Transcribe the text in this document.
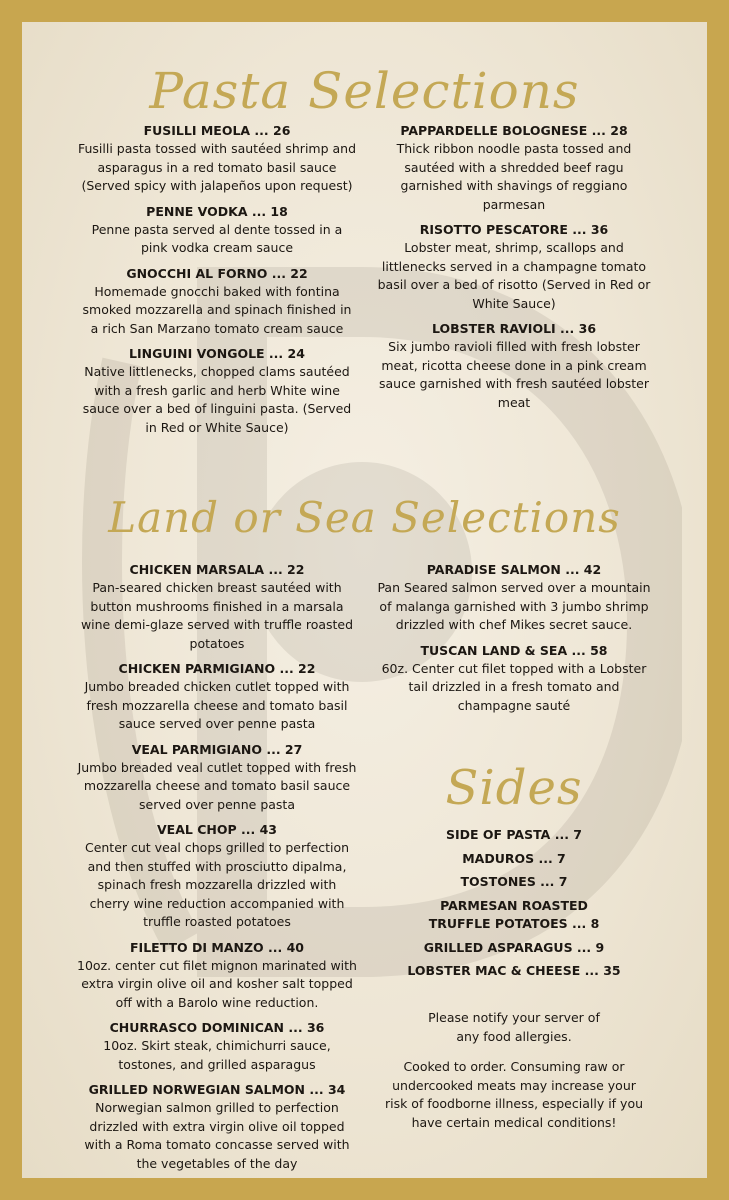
Pasta Selections
FUSILLI MEOLA ... 26
Fusilli pasta tossed with sautéed shrimp and asparagus in a red tomato basil sauce (Served spicy with jalapeños upon request)
PENNE VODKA ... 18
Penne pasta served al dente tossed in a pink vodka cream sauce
GNOCCHI AL FORNO ... 22
Homemade gnocchi baked with fontina smoked mozzarella and spinach finished in a rich San Marzano tomato cream sauce
LINGUINI VONGOLE ... 24
Native littlenecks, chopped clams sautéed with a fresh garlic and herb White wine sauce over a bed of linguini pasta. (Served in Red or White Sauce)
PAPPARDELLE BOLOGNESE ... 28
Thick ribbon noodle pasta tossed and sautéed with a shredded beef ragu garnished with shavings of reggiano parmesan
RISOTTO PESCATORE ... 36
Lobster meat, shrimp, scallops and littlenecks served in a champagne tomato basil over a bed of risotto (Served in Red or White Sauce)
LOBSTER RAVIOLI ... 36
Six jumbo ravioli filled with fresh lobster meat, ricotta cheese done in a pink cream sauce garnished with fresh sautéed lobster meat
Land or Sea Selections
CHICKEN MARSALA ... 22
Pan-seared chicken breast sautéed with button mushrooms finished in a marsala wine demi-glaze served with truffle roasted potatoes
CHICKEN PARMIGIANO ... 22
Jumbo breaded chicken cutlet topped with fresh mozzarella cheese and tomato basil sauce served over penne pasta
VEAL PARMIGIANO ... 27
Jumbo breaded veal cutlet topped with fresh mozzarella cheese and tomato basil sauce served over penne pasta
VEAL CHOP ... 43
Center cut veal chops grilled to perfection and then stuffed with prosciutto dipalma, spinach fresh mozzarella drizzled with cherry wine reduction accompanied with truffle roasted potatoes
FILETTO DI MANZO ... 40
10oz. center cut filet mignon marinated with extra virgin olive oil and kosher salt topped off with a Barolo wine reduction.
CHURRASCO DOMINICAN ... 36
10oz. Skirt steak, chimichurri sauce, tostones, and grilled asparagus
GRILLED NORWEGIAN SALMON ... 34
Norwegian salmon grilled to perfection drizzled with extra virgin olive oil topped with a Roma tomato concasse served with the vegetables of the day
PARADISE SALMON ... 42
Pan Seared salmon served over a mountain of malanga garnished with 3 jumbo shrimp drizzled with chef Mikes secret sauce.
TUSCAN LAND & SEA ... 58
60z. Center cut filet topped with a Lobster tail drizzled in a fresh tomato and champagne sauté
Sides
SIDE OF PASTA ... 7
MADUROS ... 7
TOSTONES ... 7
PARMESAN ROASTED
TRUFFLE POTATOES ... 8
GRILLED ASPARAGUS ... 9
LOBSTER MAC & CHEESE ... 35
Please notify your server of
any food allergies.
Cooked to order. Consuming raw or
undercooked meats may increase your
risk of foodborne illness, especially if you
have certain medical conditions!
